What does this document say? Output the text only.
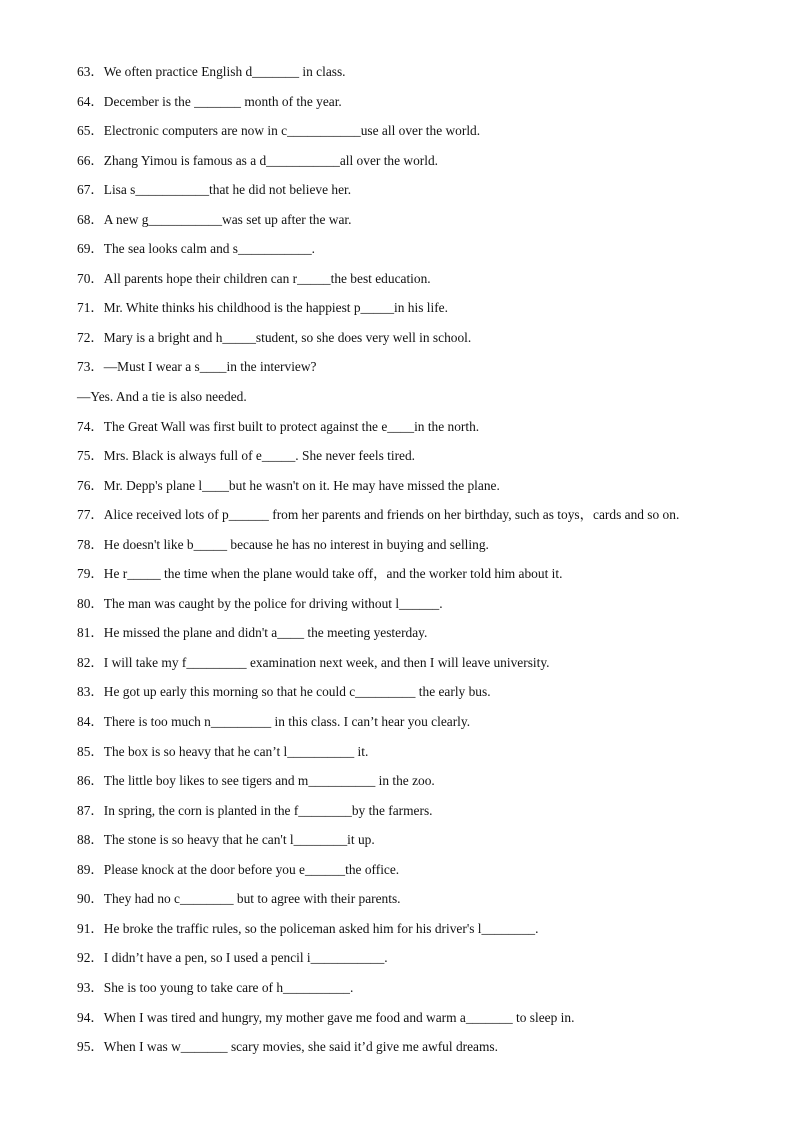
63．We often practice English d_______ in class.
64．December is the _______ month of the year.
65．Electronic computers are now in c___________use all over the world.
66．Zhang Yimou is famous as a d___________all over the world.
67．Lisa s___________that he did not believe her.
68．A new g___________was set up after the war.
69．The sea looks calm and s___________.
70．All parents hope their children can r_____the best education.
71．Mr. White thinks his childhood is the happiest p_____in his life.
72．Mary is a bright and h_____student, so she does very well in school.
73．—Must I wear a s____in the interview?
—Yes. And a tie is also needed.
74．The Great Wall was first built to protect against the e____in the north.
75．Mrs. Black is always full of e_____. She never feels tired.
76．Mr. Depp's plane l____but he wasn't on it. He may have missed the plane.
77．Alice received lots of p______ from her parents and friends on her birthday, such as toys，cards and so on.
78．He doesn't like b_____ because he has no interest in buying and selling.
79．He r_____ the time when the plane would take off，and the worker told him about it.
80．The man was caught by the police for driving without l______.
81．He missed the plane and didn't a____ the meeting yesterday.
82．I will take my f_________ examination next week, and then I will leave university.
83．He got up early this morning so that he could c_________ the early bus.
84．There is too much n_________ in this class. I can’t hear you clearly.
85．The box is so heavy that he can’t l__________ it.
86．The little boy likes to see tigers and m__________ in the zoo.
87．In spring, the corn is planted in the f________by the farmers.
88．The stone is so heavy that he can't l________it up.
89．Please knock at the door before you e______the office.
90．They had no c________ but to agree with their parents.
91．He broke the traffic rules, so the policeman asked him for his driver's l________.
92．I didn’t have a pen, so I used a pencil i___________.
93．She is too young to take care of h__________.
94．When I was tired and hungry, my mother gave me food and warm a_______ to sleep in.
95．When I was w_______ scary movies, she said it’d give me awful dreams.
